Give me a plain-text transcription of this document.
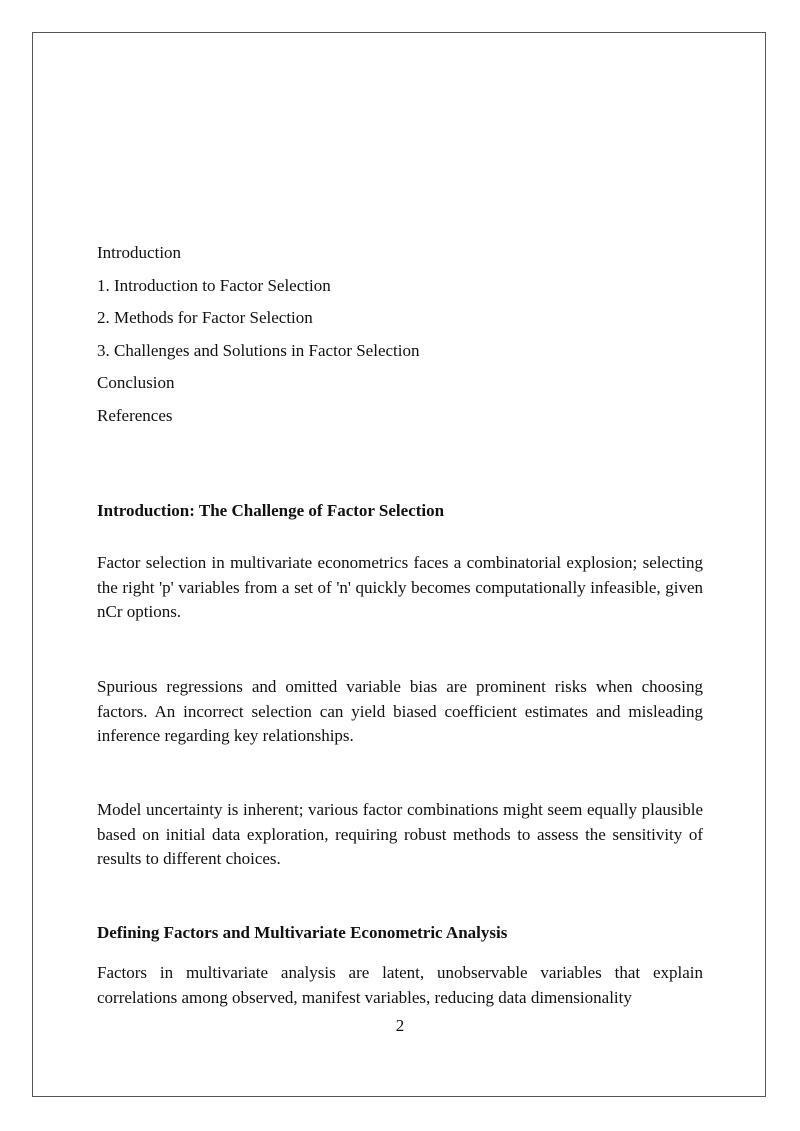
Introduction
1. Introduction to Factor Selection
2. Methods for Factor Selection
3. Challenges and Solutions in Factor Selection
Conclusion
References
Introduction: The Challenge of Factor Selection

Factor selection in multivariate econometrics faces a combinatorial explosion; selecting the right 'p' variables from a set of 'n' quickly becomes computationally infeasible, given nCr options.

Spurious regressions and omitted variable bias are prominent risks when choosing factors. An incorrect selection can yield biased coefficient estimates and misleading inference regarding key relationships.

Model uncertainty is inherent; various factor combinations might seem equally plausible based on initial data exploration, requiring robust methods to assess the sensitivity of results to different choices.

Defining Factors and Multivariate Econometric Analysis

Factors in multivariate analysis are latent, unobservable variables that explain correlations among observed, manifest variables, reducing data dimensionality

2
